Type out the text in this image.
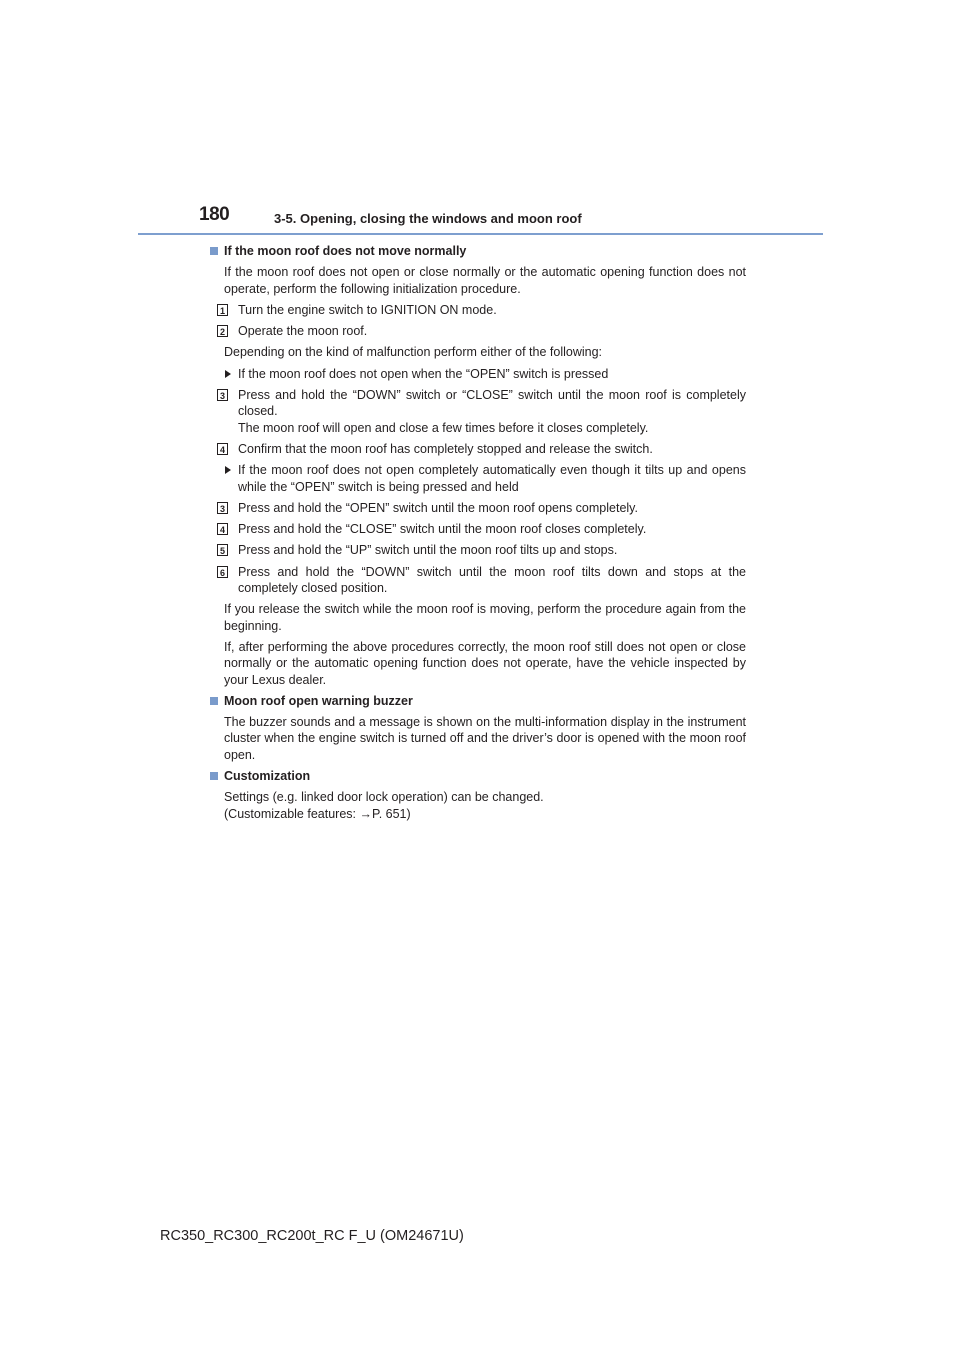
180	3-5. Opening, closing the windows and moon roof
If the moon roof does not move normally
If the moon roof does not open or close normally or the automatic opening function does not operate, perform the following initialization procedure.
1 Turn the engine switch to IGNITION ON mode.
2 Operate the moon roof.
Depending on the kind of malfunction perform either of the following:
If the moon roof does not open when the “OPEN” switch is pressed
3 Press and hold the “DOWN” switch or “CLOSE” switch until the moon roof is completely closed.
The moon roof will open and close a few times before it closes completely.
4 Confirm that the moon roof has completely stopped and release the switch.
If the moon roof does not open completely automatically even though it tilts up and opens while the “OPEN” switch is being pressed and held
3 Press and hold the “OPEN” switch until the moon roof opens completely.
4 Press and hold the “CLOSE” switch until the moon roof closes completely.
5 Press and hold the “UP” switch until the moon roof tilts up and stops.
6 Press and hold the “DOWN” switch until the moon roof tilts down and stops at the completely closed position.
If you release the switch while the moon roof is moving, perform the procedure again from the beginning.
If, after performing the above procedures correctly, the moon roof still does not open or close normally or the automatic opening function does not operate, have the vehicle inspected by your Lexus dealer.
Moon roof open warning buzzer
The buzzer sounds and a message is shown on the multi-information display in the instrument cluster when the engine switch is turned off and the driver’s door is opened with the moon roof open.
Customization
Settings (e.g. linked door lock operation) can be changed.
(Customizable features: →P. 651)
RC350_RC300_RC200t_RC F_U (OM24671U)
